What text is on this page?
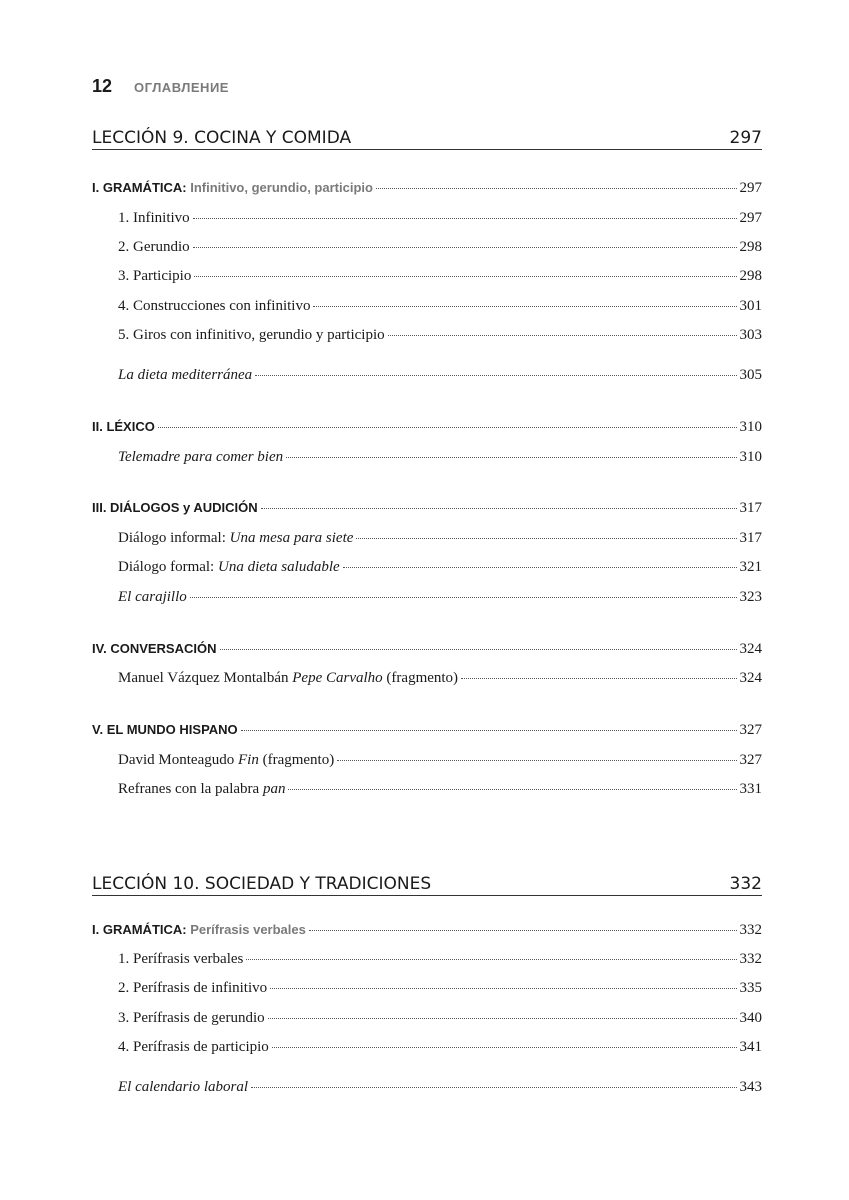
12 ОГЛАВЛЕНИЕ
LECCIÓN 9. COCINA Y COMIDA	297
I. GRAMÁTICA: Infinitivo, gerundio, participio	297
1. Infinitivo	297
2. Gerundio	298
3. Participio	298
4. Construcciones con infinitivo	301
5. Giros con infinitivo, gerundio y participio	303
La dieta mediterránea	305
II. LÉXICO	310
Telemadre para comer bien	310
III. DIÁLOGOS y AUDICIÓN	317
Diálogo informal: Una mesa para siete	317
Diálogo formal: Una dieta saludable	321
El carajillo	323
IV. CONVERSACIÓN	324
Manuel Vázquez Montalbán Pepe Carvalho (fragmento)	324
V. EL MUNDO HISPANO	327
David Monteagudo Fin (fragmento)	327
Refranes con la palabra pan	331
LECCIÓN 10. SOCIEDAD Y TRADICIONES	332
I. GRAMÁTICA: Perífrasis verbales	332
1. Perífrasis verbales	332
2. Perífrasis de infinitivo	335
3. Perífrasis de gerundio	340
4. Perífrasis de participio	341
El calendario laboral	343
